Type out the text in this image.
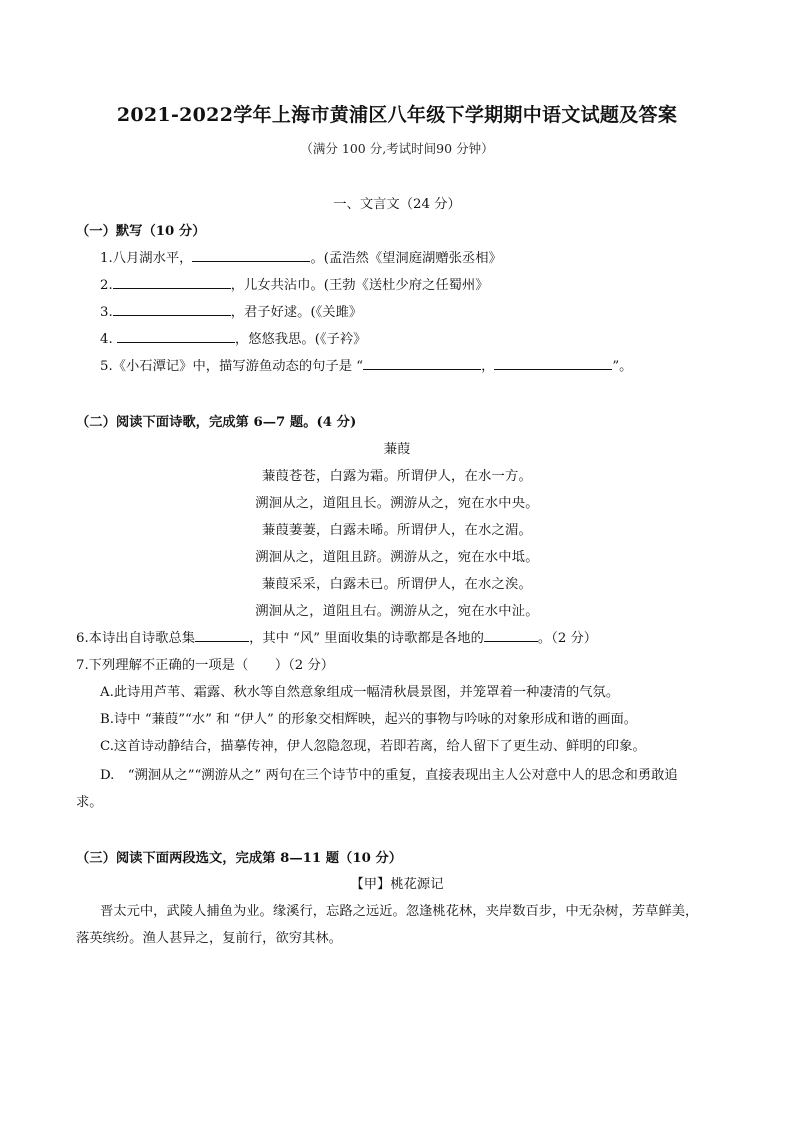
2021-2022学年上海市黄浦区八年级下学期期中语文试题及答案
（满分 100 分,考试时间90 分钟）
一、文言文（24 分）
（一）默写（10 分）
1.八月湖水平，	。(孟浩然《望洞庭湖赠张丞相》
2.	，儿女共沾巾。(王勃《送杜少府之任蜀州》
3.	，君子好逑。(《关雎》
4.	，悠悠我思。(《子衿》
5.《小石潭记》中，描写游鱼动态的句子是 “	，	”。
（二）阅读下面诗歌，完成第 6—7 题。(4 分)
蒹葭
蒹葭苍苍，白露为霜。所谓伊人，在水一方。
溯洄从之，道阻且长。溯游从之，宛在水中央。
蒹葭萋萋，白露未晞。所谓伊人，在水之湄。
溯洄从之，道阻且跻。溯游从之，宛在水中坻。
蒹葭采采，白露未已。所谓伊人，在水之涘。
溯洄从之，道阻且右。溯游从之，宛在水中沚。
6.本诗出自诗歌总集	，其中 “风” 里面收集的诗歌都是各地的	。（2 分）
7.下列理解不正确的一项是（　　）（2 分）
A.此诗用芦苇、霜露、秋水等自然意象组成一幅清秋晨景图，并笼罩着一种凄清的气氛。
B.诗中 “蒹葭”“水” 和 “伊人” 的形象交相辉映，起兴的事物与吟咏的对象形成和谐的画面。
C.这首诗动静结合，描摹传神，伊人忽隐忽现，若即若离，给人留下了更生动、鲜明的印象。
D.　“溯洄从之”“溯游从之” 两句在三个诗节中的重复，直接表现出主人公对意中人的思念和勇敢追
求。
（三）阅读下面两段选文，完成第 8—11 题（10 分）
【甲】桃花源记
晋太元中，武陵人捕鱼为业。缘溪行，忘路之远近。忽逢桃花林，夹岸数百步，中无杂树，芳草鲜美，
落英缤纷。渔人甚异之，复前行，欲穷其林。
